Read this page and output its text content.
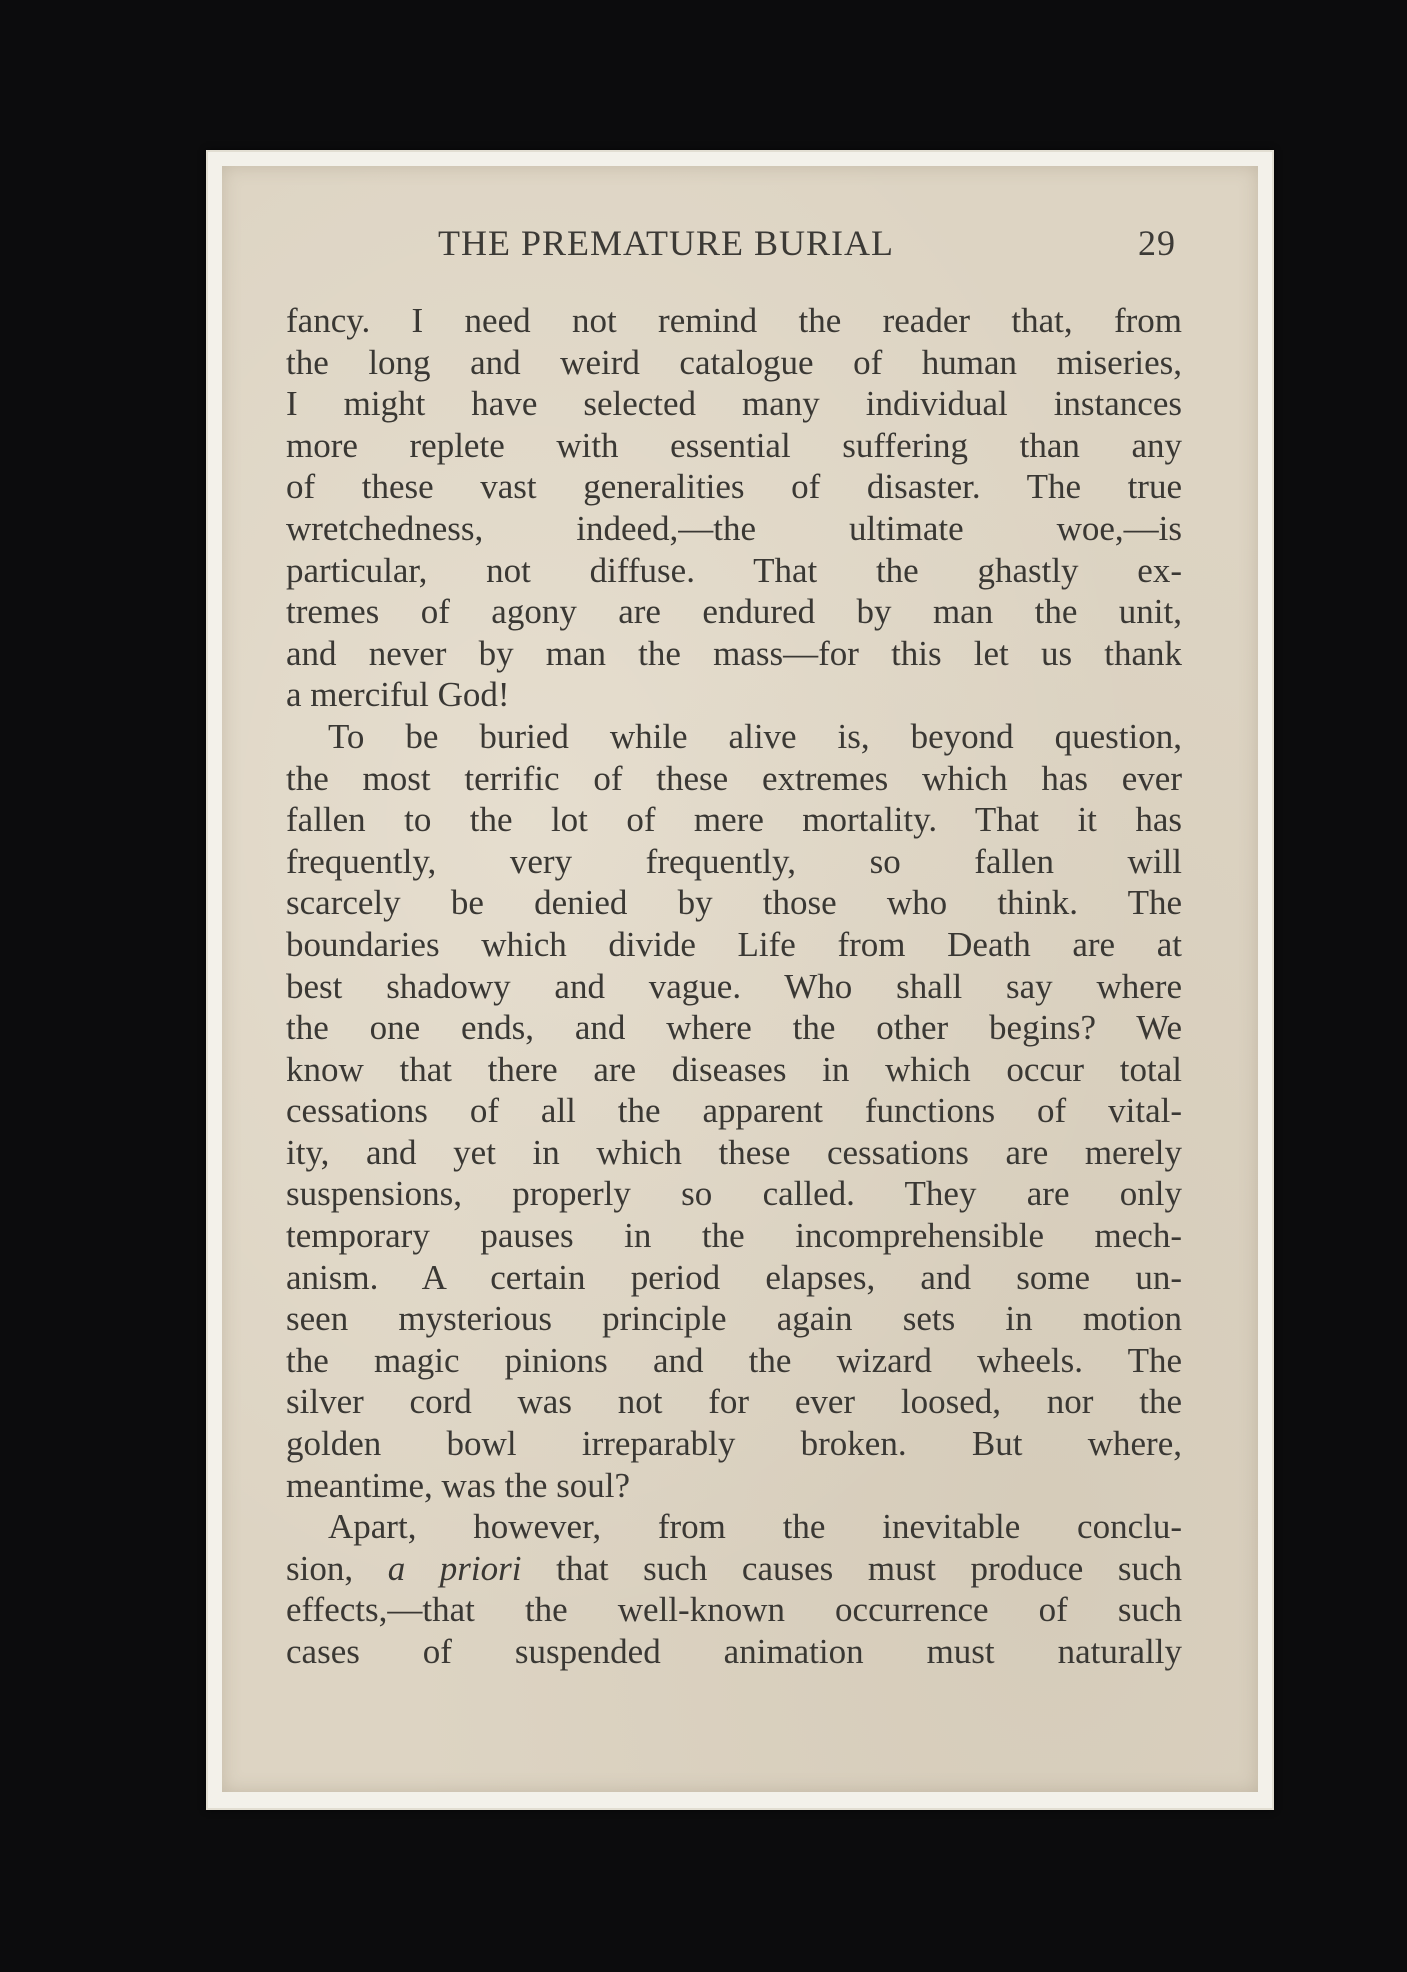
THE PREMATURE BURIAL	29
fancy. I need not remind the reader that, from
the long and weird catalogue of human miseries,
I might have selected many individual instances
more replete with essential suffering than any
of these vast generalities of disaster. The true
wretchedness, indeed,—the ultimate woe,—is
particular, not diffuse. That the ghastly ex-
tremes of agony are endured by man the unit,
and never by man the mass—for this let us thank
a merciful God!
To be buried while alive is, beyond question,
the most terrific of these extremes which has ever
fallen to the lot of mere mortality. That it has
frequently, very frequently, so fallen will
scarcely be denied by those who think. The
boundaries which divide Life from Death are at
best shadowy and vague. Who shall say where
the one ends, and where the other begins? We
know that there are diseases in which occur total
cessations of all the apparent functions of vital-
ity, and yet in which these cessations are merely
suspensions, properly so called. They are only
temporary pauses in the incomprehensible mech-
anism. A certain period elapses, and some un-
seen mysterious principle again sets in motion
the magic pinions and the wizard wheels. The
silver cord was not for ever loosed, nor the
golden bowl irreparably broken. But where,
meantime, was the soul?
Apart, however, from the inevitable conclu-
sion, a priori that such causes must produce such
effects,—that the well-known occurrence of such
cases of suspended animation must naturally
